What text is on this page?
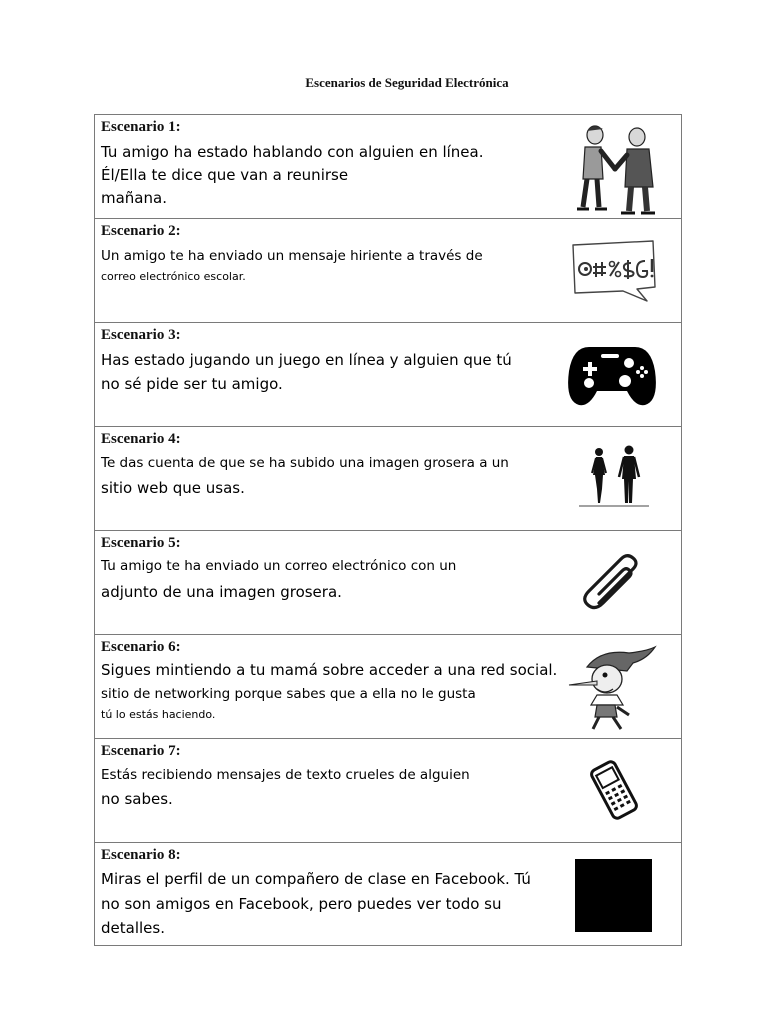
Escenarios de Seguridad Electrónica
Escenario 1:
Tu amigo ha estado hablando con alguien en línea.
Él/Ella te dice que van a reunirse
mañana.
Escenario 2:
Un amigo te ha enviado un mensaje hiriente a través de
correo electrónico escolar.
Escenario 3:
Has estado jugando un juego en línea y alguien que tú
no sé pide ser tu amigo.
Escenario 4:
Te das cuenta de que se ha subido una imagen grosera a un
sitio web que usas.
Escenario 5:
Tu amigo te ha enviado un correo electrónico con un
adjunto de una imagen grosera.
Escenario 6:
Sigues mintiendo a tu mamá sobre acceder a una red social.
sitio de networking porque sabes que a ella no le gusta
tú lo estás haciendo.
Escenario 7:
Estás recibiendo mensajes de texto crueles de alguien
no sabes.
Escenario 8:
Miras el perfil de un compañero de clase en Facebook. Tú
no son amigos en Facebook, pero puedes ver todo su
detalles.
